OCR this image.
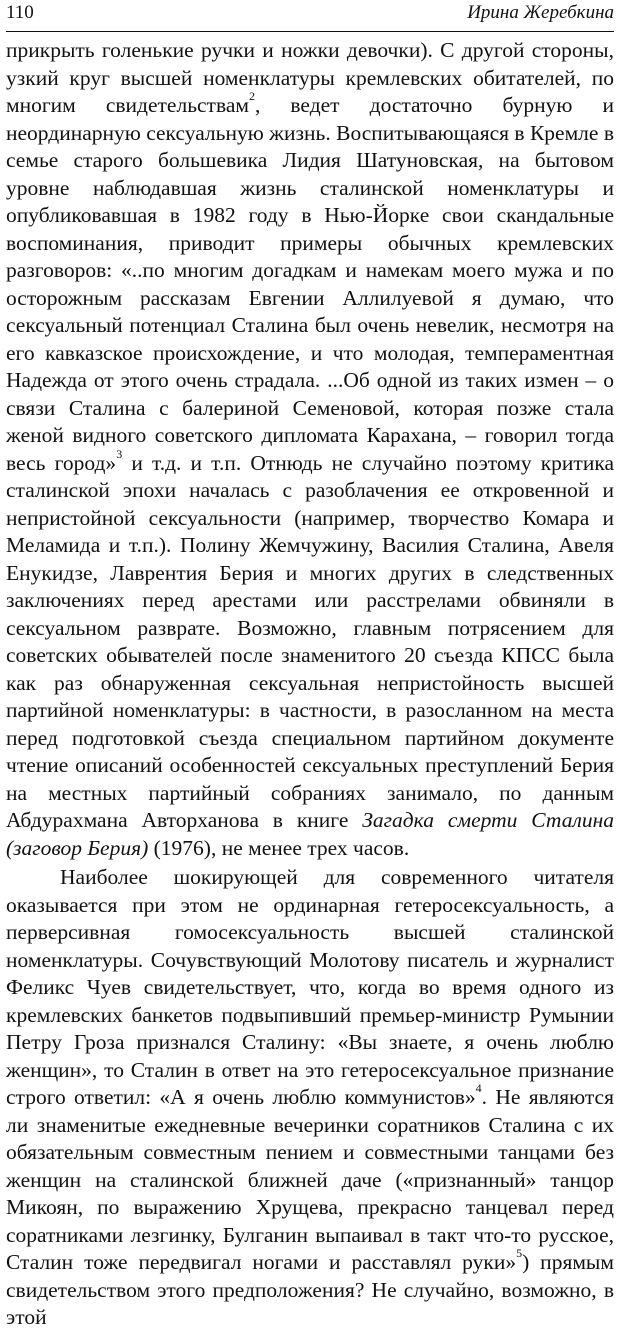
110	Ирина Жеребкина

прикрыть голенькие ручки и ножки девочки). С другой стороны, узкий круг высшей номенклатуры кремлевских обитателей, по многим свидетельствам$^2$, ведет достаточно бурную и неординарную сексуальную жизнь. Воспитывающаяся в Кремле в семье старого большевика Лидия Шатуновская, на бытовом уровне наблюдавшая жизнь сталинской номенклатуры и опубликовавшая в 1982 году в Нью-Йорке свои скандальные воспоминания, приводит примеры обычных кремлевских разговоров: «..по многим догадкам и намекам моего мужа и по осторожным рассказам Евгении Аллилуевой я думаю, что сексуальный потенциал Сталина был очень невелик, несмотря на его кавказское происхождение, и что молодая, темпераментная Надежда от этого очень страдала. ...Об одной из таких измен – о связи Сталина с балериной Семеновой, которая позже стала женой видного советского дипломата Карахана, – говорил тогда весь город»$^3$ и т.д. и т.п. Отнюдь не случайно поэтому критика сталинской эпохи началась с разоблачения ее откровенной и непристойной сексуальности (например, творчество Комара и Меламида и т.п.). Полину Жемчужину, Василия Сталина, Авеля Енукидзе, Лаврентия Берия и многих других в следственных заключениях перед арестами или расстрелами обвиняли в сексуальном разврате. Возможно, главным потрясением для советских обывателей после знаменитого 20 съезда КПСС была как раз обнаруженная сексуальная непристойность высшей партийной номенклатуры: в частности, в разосланном на места перед подготовкой съезда специальном партийном документе чтение описаний особенностей сексуальных преступлений Берия на местных партийный собраниях занимало, по данным Абдурахмана Авторханова в книге Загадка смерти Сталина (заговор Берия) (1976), не менее трех часов.

Наиболее шокирующей для современного читателя оказывается при этом не ординарная гетеросексуальность, а перверсивная гомосексуальность высшей сталинской номенклатуры. Сочувствующий Молотову писатель и журналист Феликс Чуев свидетельствует, что, когда во время одного из кремлевских банкетов подвыпивший премьер-министр Румынии Петру Гроза признался Сталину: «Вы знаете, я очень люблю женщин», то Сталин в ответ на это гетеросексуальное признание строго ответил: «А я очень люблю коммунистов»$^4$. Не являются ли знаменитые ежедневные вечеринки соратников Сталина с их обязательным совместным пением и совместными танцами без женщин на сталинской ближней даче («признанный» танцор Микоян, по выражению Хрущева, прекрасно танцевал перед соратниками лезгинку, Булганин выпаивал в такт что-то русское, Сталин тоже передвигал ногами и расставлял руки»$^5$) прямым свидетельством этого предположения? Не случайно, возможно, в этой
